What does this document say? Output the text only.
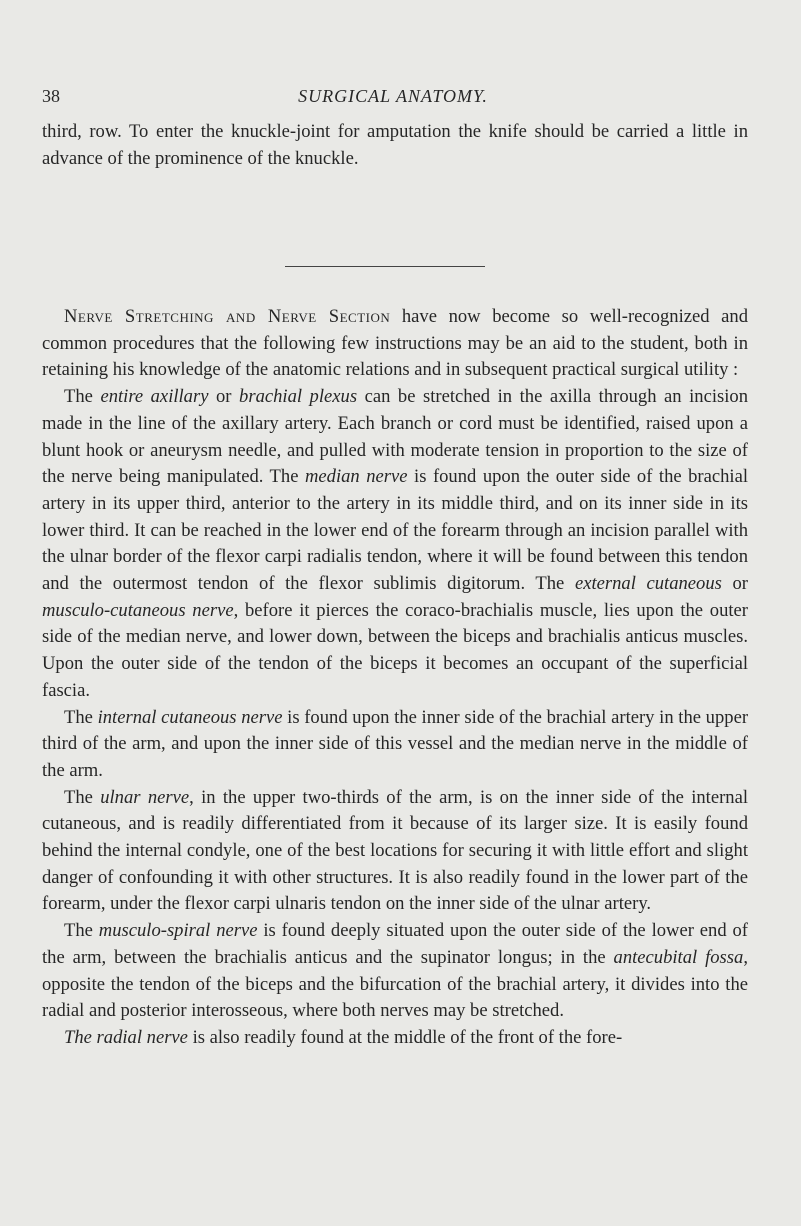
38	SURGICAL ANATOMY.

third, row. To enter the knuckle-joint for amputation the knife should be carried a little in advance of the prominence of the knuckle.

Nerve Stretching and Nerve Section have now become so well-recognized and common procedures that the following few instructions may be an aid to the student, both in retaining his knowledge of the anatomic relations and in subsequent practical surgical utility :

The entire axillary or brachial plexus can be stretched in the axilla through an incision made in the line of the axillary artery. Each branch or cord must be identified, raised upon a blunt hook or aneurysm needle, and pulled with moderate tension in proportion to the size of the nerve being manipulated. The median nerve is found upon the outer side of the brachial artery in its upper third, anterior to the artery in its middle third, and on its inner side in its lower third. It can be reached in the lower end of the forearm through an incision parallel with the ulnar border of the flexor carpi radialis tendon, where it will be found between this tendon and the outermost tendon of the flexor sublimis digitorum. The external cutaneous or musculo-cutaneous nerve, before it pierces the coraco-brachialis muscle, lies upon the outer side of the median nerve, and lower down, between the biceps and brachialis anticus muscles. Upon the outer side of the tendon of the biceps it becomes an occupant of the superficial fascia.

The internal cutaneous nerve is found upon the inner side of the brachial artery in the upper third of the arm, and upon the inner side of this vessel and the median nerve in the middle of the arm.

The ulnar nerve, in the upper two-thirds of the arm, is on the inner side of the internal cutaneous, and is readily differentiated from it because of its larger size. It is easily found behind the internal condyle, one of the best locations for securing it with little effort and slight danger of confounding it with other structures. It is also readily found in the lower part of the forearm, under the flexor carpi ulnaris tendon on the inner side of the ulnar artery.

The musculo-spiral nerve is found deeply situated upon the outer side of the lower end of the arm, between the brachialis anticus and the supinator longus; in the antecubital fossa, opposite the tendon of the biceps and the bifurcation of the brachial artery, it divides into the radial and posterior interosseous, where both nerves may be stretched.

The radial nerve is also readily found at the middle of the front of the fore-
